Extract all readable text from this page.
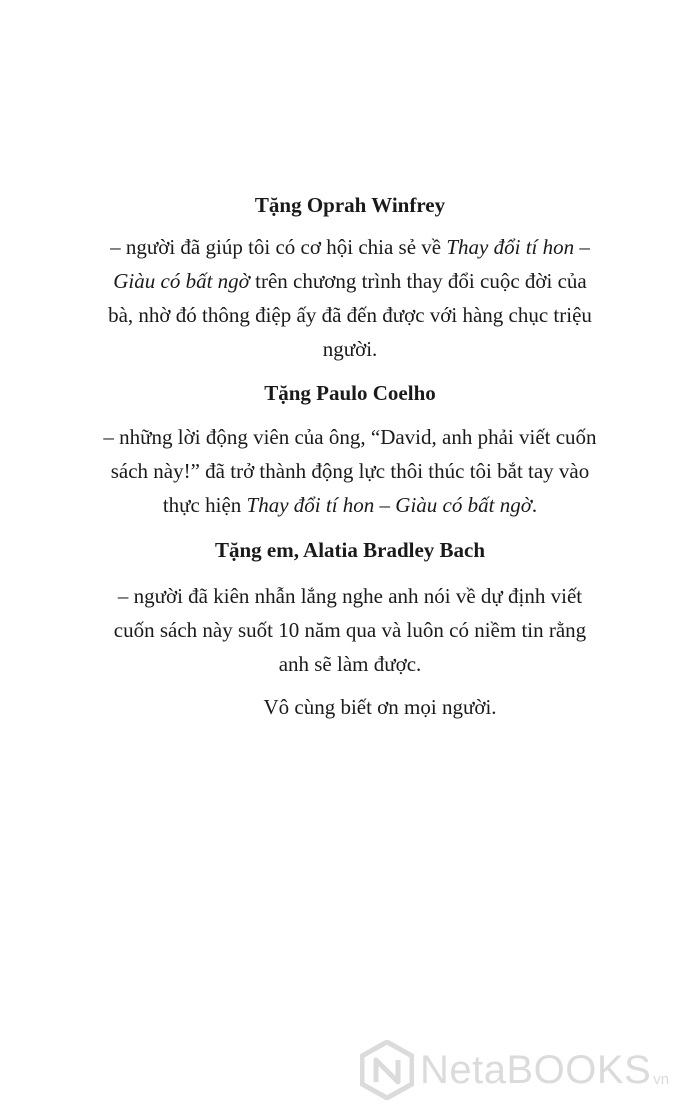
Tặng Oprah Winfrey

– người đã giúp tôi có cơ hội chia sẻ về Thay đổi tí hon –

Giàu có bất ngờ trên chương trình thay đổi cuộc đời của

bà, nhờ đó thông điệp ấy đã đến được với hàng chục triệu

người.

Tặng Paulo Coelho

– những lời động viên của ông, “David, anh phải viết cuốn

sách này!” đã trở thành động lực thôi thúc tôi bắt tay vào

thực hiện Thay đổi tí hon – Giàu có bất ngờ.

Tặng em, Alatia Bradley Bach

– người đã kiên nhẫn lắng nghe anh nói về dự định viết

cuốn sách này suốt 10 năm qua và luôn có niềm tin rằng

anh sẽ làm được.

Vô cùng biết ơn mọi người.

NetaBOOKS vn
